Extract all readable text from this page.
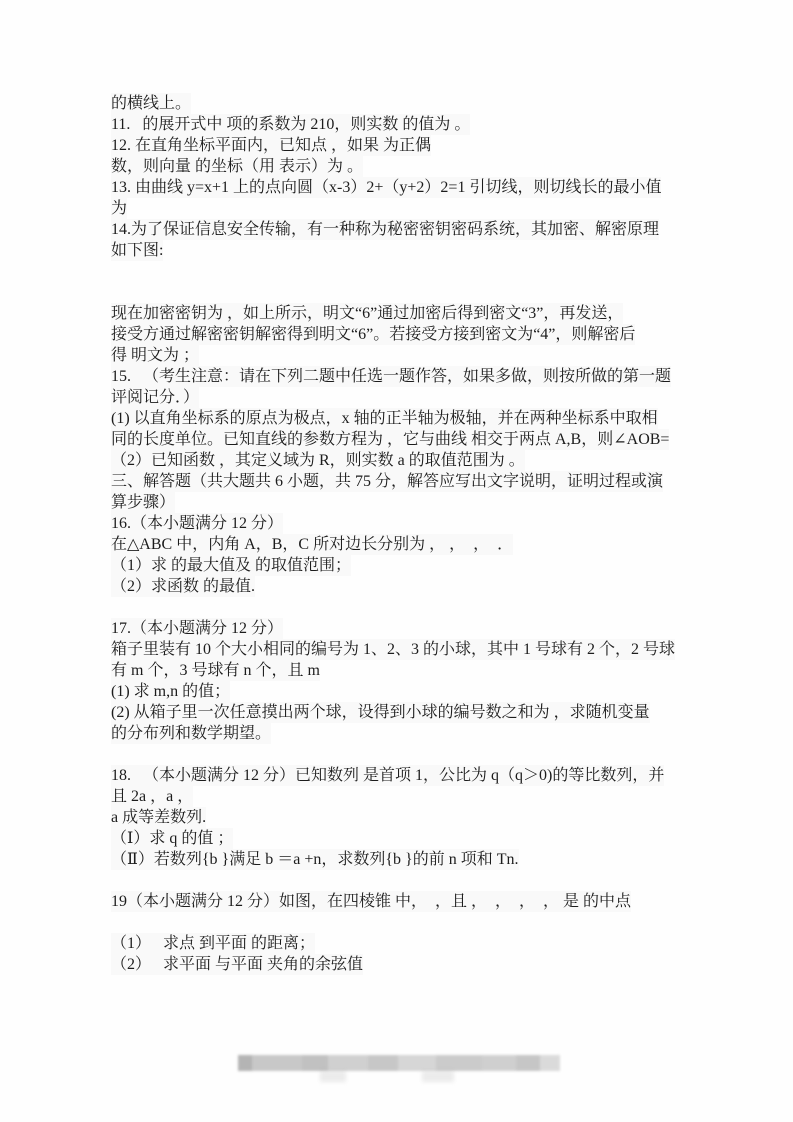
的横线上。
11.   的展开式中 项的系数为 210，则实数 的值为 。
12. 在直角坐标平面内，已知点 ，如果 为正偶
数，则向量 的坐标（用 表示）为 。
13. 由曲线 y=x+1 上的点向圆（x-3）2+（y+2）2=1 引切线，则切线长的最小值
为
14.为了保证信息安全传输，有一种称为秘密密钥密码系统，其加密、解密原理
如下图:
现在加密密钥为 ，如上所示，明文“6”通过加密后得到密文“3”，再发送，
接受方通过解密密钥解密得到明文“6”。若接受方接到密文为“4”，则解密后
得 明文为 ；
15.   （考生注意：请在下列二题中任选一题作答，如果多做，则按所做的第一题
评阅记分．）
(1) 以直角坐标系的原点为极点，x 轴的正半轴为极轴，并在两种坐标系中取相
同的长度单位。已知直线的参数方程为 ，它与曲线 相交于两点 A,B，则∠AOB=
（2）已知函数 ，其定义域为 R，则实数 a 的取值范围为 。
三、解答题（共大题共 6 小题，共 75 分，解答应写出文字说明，证明过程或演
算步骤）
16.（本小题满分 12 分）
在△ABC 中，内角 A，B，C 所对边长分别为 ， ，  ，  ．
（1）求 的最大值及 的取值范围；
（2）求函数 的最值.
17.（本小题满分 12 分）
箱子里装有 10 个大小相同的编号为 1、2、3 的小球，其中 1 号球有 2 个，2 号球
有 m 个，3 号球有 n 个，且 m
(1) 求 m,n 的值；
(2) 从箱子里一次任意摸出两个球，设得到小球的编号数之和为 ，求随机变量
的分布列和数学期望。
18.   （本小题满分 12 分）已知数列 是首项 1，公比为 q（q＞0)的等比数列，并
且 2a ，a ，
a 成等差数列.
（Ⅰ）求 q 的值 ；
（Ⅱ）若数列{b }满足 b ＝a +n，求数列{b }的前 n 项和 Tn.
19（本小题满分 12 分）如图，在四棱锥 中，  ，且 ，  ，  ，  ， 是 的中点
（1）   求点 到平面 的距离；
（2）   求平面 与平面 夹角的余弦值
